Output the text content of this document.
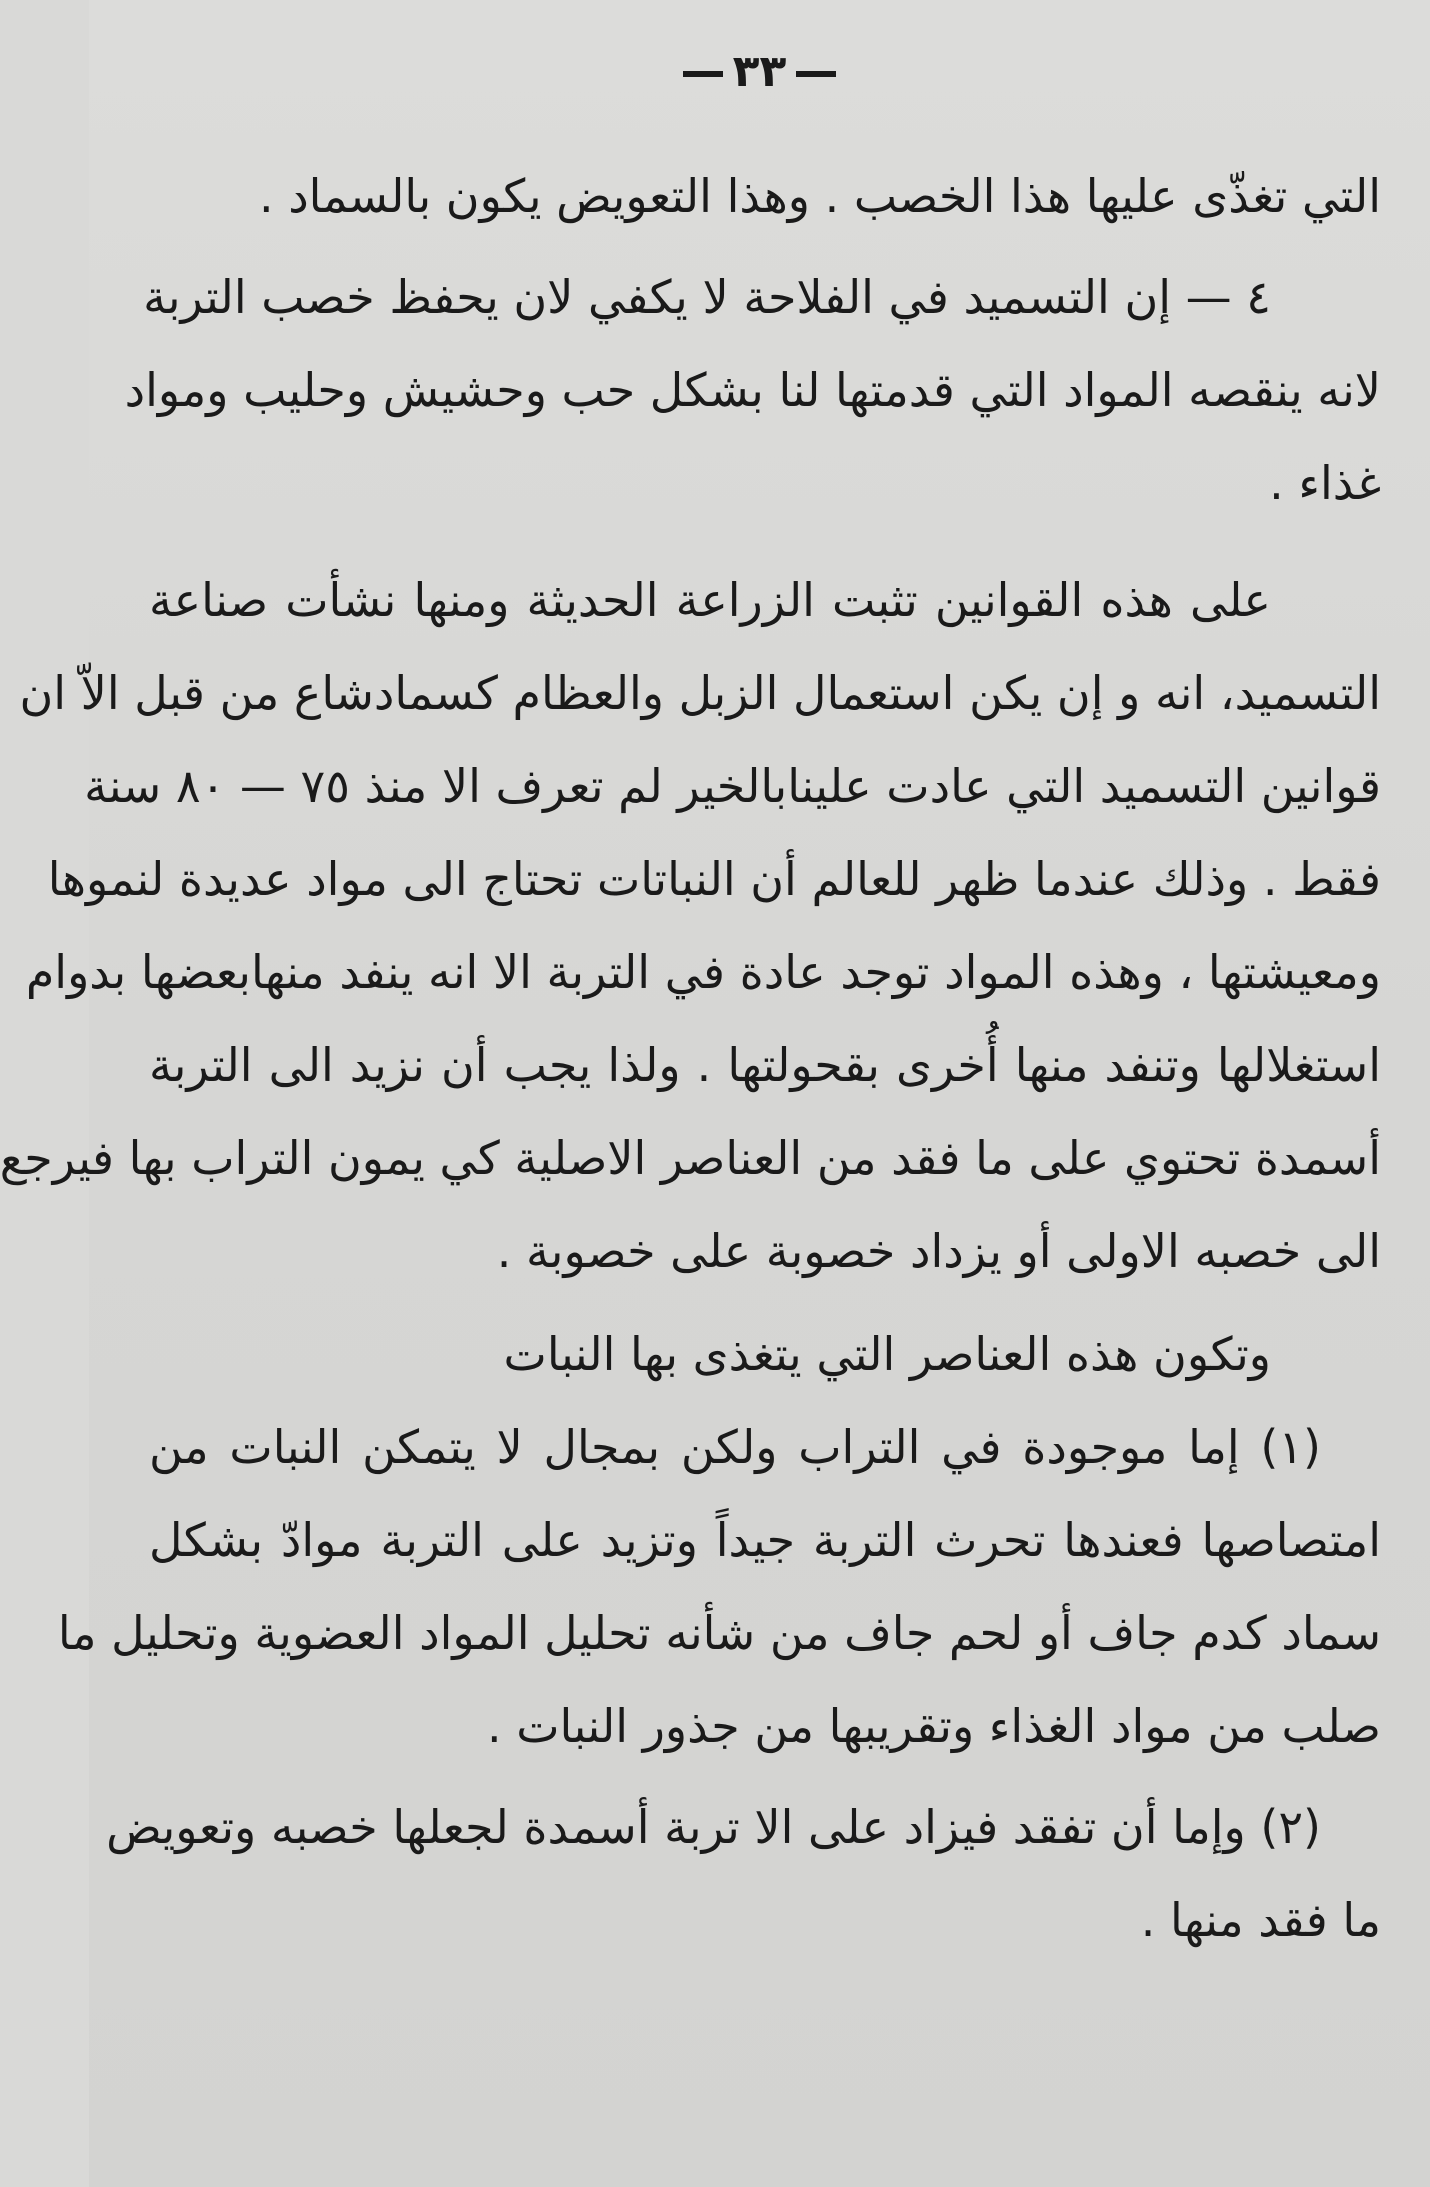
٣٣
التي تغذّى عليها هذا الخصب . وهذا التعويض يكون بالسماد .
٤ — إن التسميد في الفلاحة لا يكفي لان يحفظ خصب التربة
لانه ينقصه المواد التي قدمتها لنا بشكل حب وحشيش وحليب ومواد
غذاء .
على هذه القوانين تثبت الزراعة الحديثة ومنها نشأت صناعة
التسميد، انه و إن يكن استعمال الزبل والعظام كسمادشاع من قبل الاّ ان
قوانين التسميد التي عادت علينابالخير لم تعرف الا منذ ٧٥ — ٨٠ سنة
فقط . وذلك عندما ظهر للعالم أن النباتات تحتاج الى مواد عديدة لنموها
ومعيشتها ، وهذه المواد توجد عادة في التربة الا انه ينفد منهابعضها بدوام
استغلالها وتنفد منها أُخرى بقحولتها . ولذا يجب أن نزيد الى التربة
أسمدة تحتوي على ما فقد من العناصر الاصلية كي يمون التراب بها فيرجع
الى خصبه الاولى أو يزداد خصوبة على خصوبة .
وتكون هذه العناصر التي يتغذى بها النبات
(١) إما موجودة في التراب ولكن بمجال لا يتمكن النبات من
امتصاصها فعندها تحرث التربة جيداً وتزيد على التربة موادّ بشكل
سماد كدم جاف أو لحم جاف من شأنه تحليل المواد العضوية وتحليل ما
صلب من مواد الغذاء وتقريبها من جذور النبات .
(٢) وإما أن تفقد فيزاد على الا تربة أسمدة لجعلها خصبه وتعويض
ما فقد منها .
